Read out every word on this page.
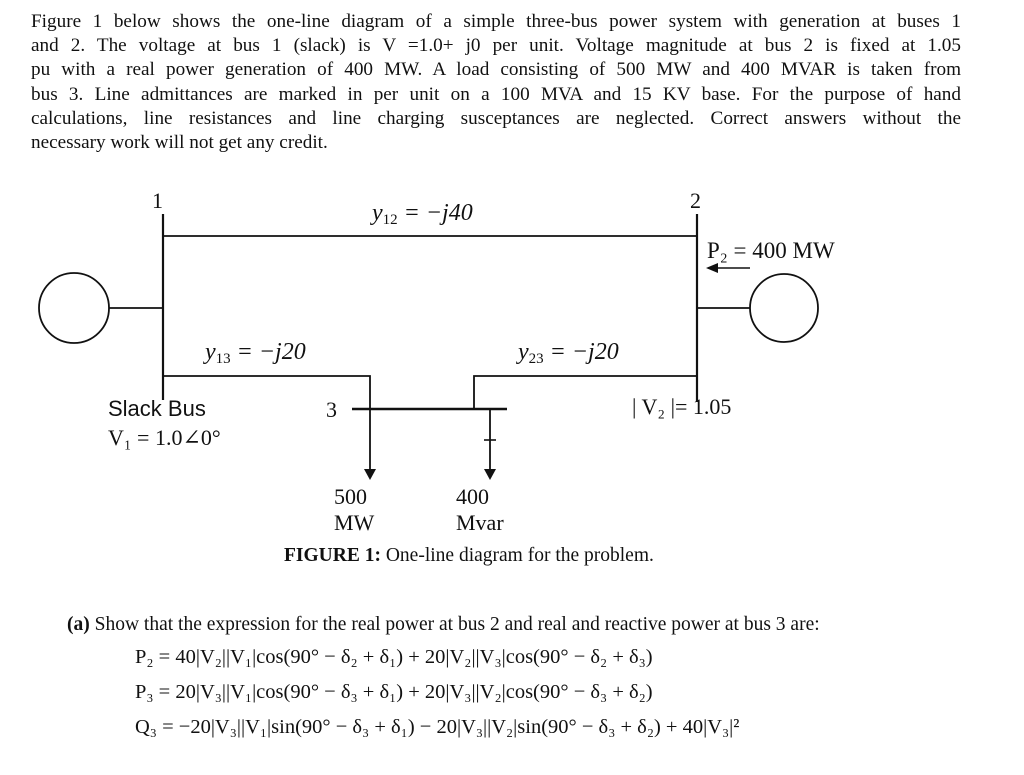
Figure 1 below shows the one-line diagram of a simple three-bus power system with generation at buses 1
and 2. The voltage at bus 1 (slack) is V =1.0+ j0 per unit. Voltage magnitude at bus 2 is fixed at 1.05
pu with a real power generation of 400 MW. A load consisting of 500 MW and 400 MVAR is taken from
bus 3. Line admittances are marked in per unit on a 100 MVA and 15 KV base. For the purpose of hand
calculations, line resistances and line charging susceptances are neglected. Correct answers without the
necessary work will not get any credit.
1	2
3
$y_{12} = -j40$
$y_{13} = -j20$	$y_{23} = -j20$
P₂ = 400 MW
Slack Bus
V₁ = 1.0∠0°
| V₂ |= 1.05
500
MW
400
Mvar
FIGURE 1: One-line diagram for the problem.
(a) Show that the expression for the real power at bus 2 and real and reactive power at bus 3 are:
P₂ = 40|V₂||V₁|cos(90° − δ₂ + δ₁) + 20|V₂||V₃|cos(90° − δ₂ + δ₃)
P₃ = 20|V₃||V₁|cos(90° − δ₃ + δ₁) + 20|V₃||V₂|cos(90° − δ₃ + δ₂)
Q₃ = −20|V₃||V₁|sin(90° − δ₃ + δ₁) − 20|V₃||V₂|sin(90° − δ₃ + δ₂) + 40|V₃|²
